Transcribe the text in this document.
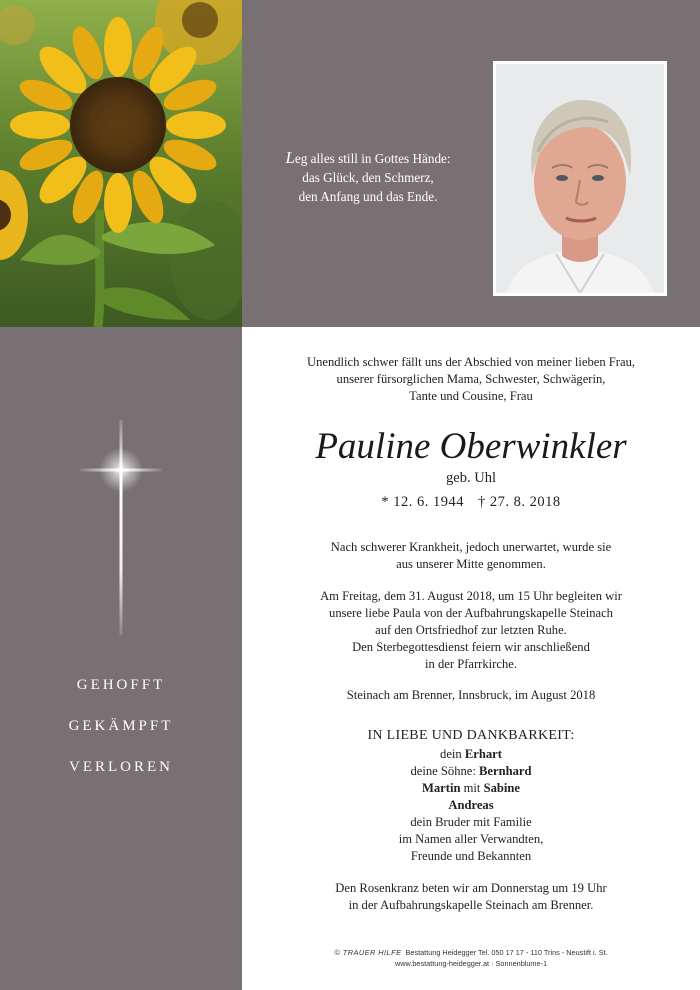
Leg alles still in Gottes Hände:
das Glück, den Schmerz,
den Anfang und das Ende.
GEHOFFT
GEKÄMPFT
VERLOREN
Unendlich schwer fällt uns der Abschied von meiner lieben Frau,
unserer fürsorglichen Mama, Schwester, Schwägerin,
Tante und Cousine, Frau
Pauline Oberwinkler
geb. Uhl
* 12. 6. 1944 † 27. 8. 2018
Nach schwerer Krankheit, jedoch unerwartet, wurde sie
aus unserer Mitte genommen.
Am Freitag, dem 31. August 2018, um 15 Uhr begleiten wir
unsere liebe Paula von der Aufbahrungskapelle Steinach
auf den Ortsfriedhof zur letzten Ruhe.
Den Sterbegottesdienst feiern wir anschließend
in der Pfarrkirche.
Steinach am Brenner, Innsbruck, im August 2018
IN LIEBE UND DANKBARKEIT:
dein Erhart
deine Söhne: Bernhard
Martin mit Sabine
Andreas
dein Bruder mit Familie
im Namen aller Verwandten,
Freunde und Bekannten
Den Rosenkranz beten wir am Donnerstag um 19 Uhr
in der Aufbahrungskapelle Steinach am Brenner.
© TRAUER HILFE Bestattung Heidegger Tel. 050 17 17 - 110 Trins - Neustift i. St.
www.bestattung-heidegger.at · Sonnenblume-1
